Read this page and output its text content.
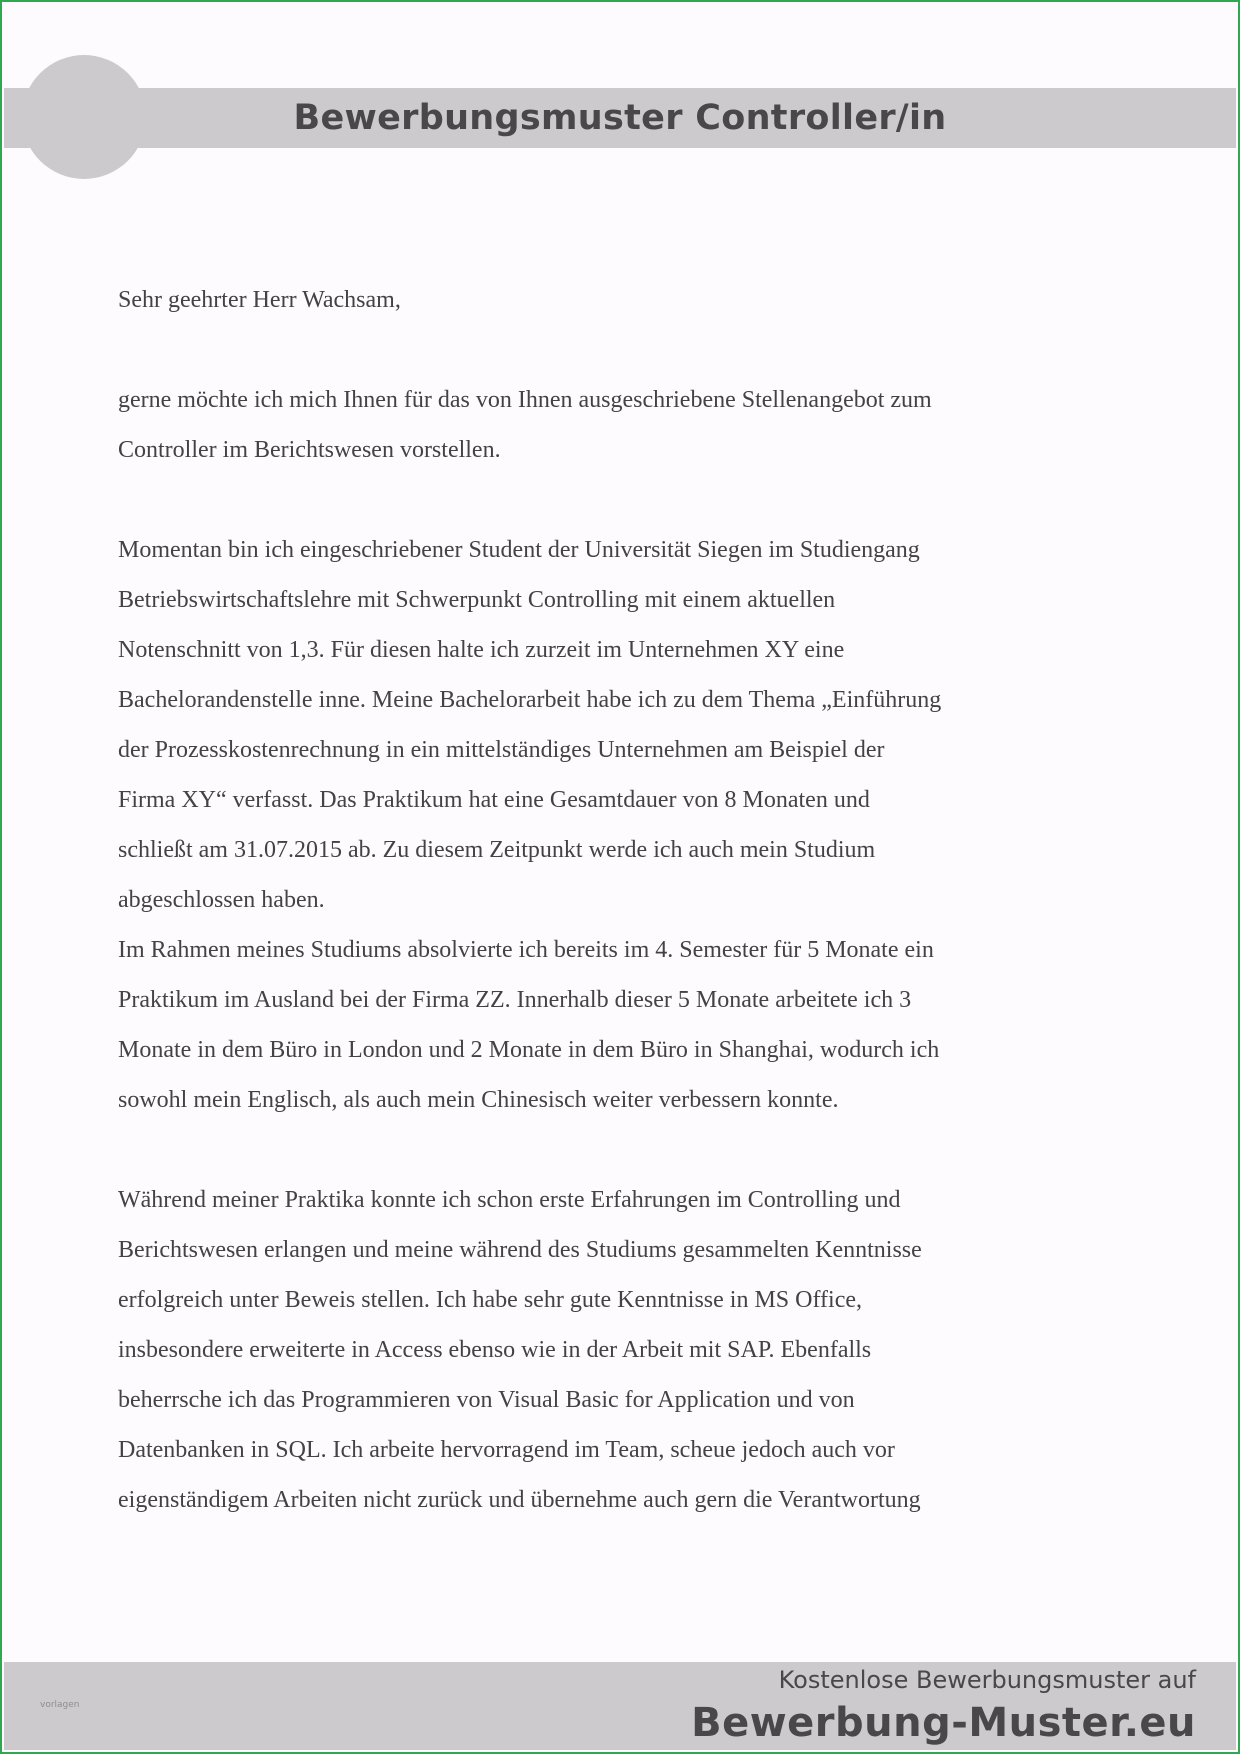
Bewerbungsmuster Controller/in

Sehr geehrter Herr Wachsam,

gerne möchte ich mich Ihnen für das von Ihnen ausgeschriebene Stellenangebot zum
Controller im Berichtswesen vorstellen.

Momentan bin ich eingeschriebener Student der Universität Siegen im Studiengang
Betriebswirtschaftslehre mit Schwerpunkt Controlling mit einem aktuellen
Notenschnitt von 1,3. Für diesen halte ich zurzeit im Unternehmen XY eine
Bachelorandenstelle inne. Meine Bachelorarbeit habe ich zu dem Thema „Einführung
der Prozesskostenrechnung in ein mittelständiges Unternehmen am Beispiel der
Firma XY“ verfasst. Das Praktikum hat eine Gesamtdauer von 8 Monaten und
schließt am 31.07.2015 ab. Zu diesem Zeitpunkt werde ich auch mein Studium
abgeschlossen haben.

Im Rahmen meines Studiums absolvierte ich bereits im 4. Semester für 5 Monate ein
Praktikum im Ausland bei der Firma ZZ. Innerhalb dieser 5 Monate arbeitete ich 3
Monate in dem Büro in London und 2 Monate in dem Büro in Shanghai, wodurch ich
sowohl mein Englisch, als auch mein Chinesisch weiter verbessern konnte.

Während meiner Praktika konnte ich schon erste Erfahrungen im Controlling und
Berichtswesen erlangen und meine während des Studiums gesammelten Kenntnisse
erfolgreich unter Beweis stellen. Ich habe sehr gute Kenntnisse in MS Office,
insbesondere erweiterte in Access ebenso wie in der Arbeit mit SAP. Ebenfalls
beherrsche ich das Programmieren von Visual Basic for Application und von
Datenbanken in SQL. Ich arbeite hervorragend im Team, scheue jedoch auch vor
eigenständigem Arbeiten nicht zurück und übernehme auch gern die Verantwortung

vorlagen
Kostenlose Bewerbungsmuster auf
Bewerbung-Muster.eu
